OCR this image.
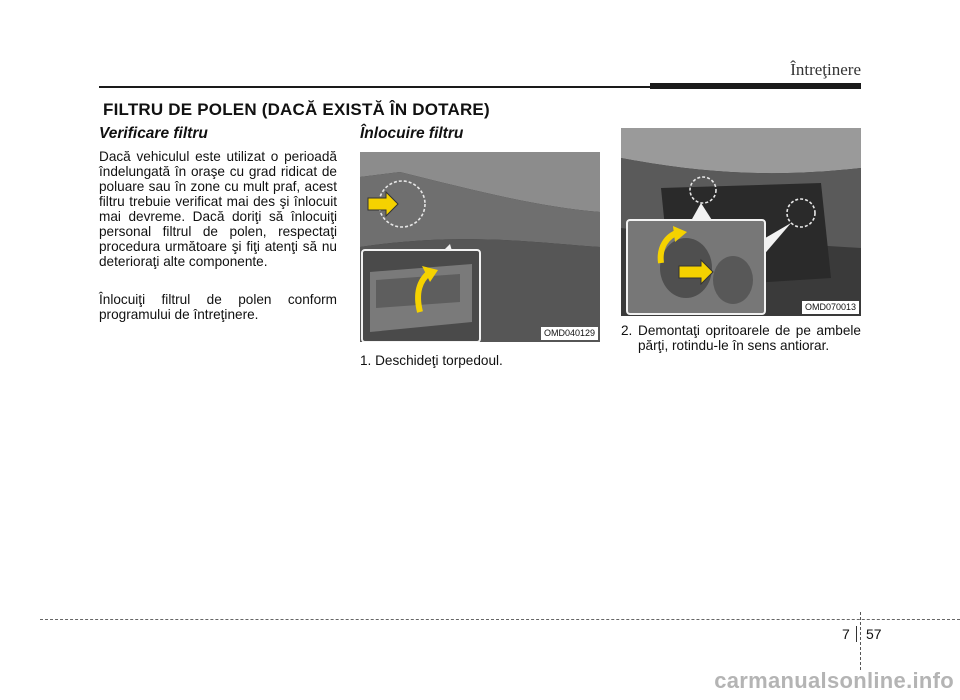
Întreţinere
FILTRU DE POLEN (DACĂ EXISTĂ ÎN DOTARE)
Verificare filtru
Dacă vehiculul este utilizat o perioadă îndelungată în oraşe cu grad ridicat de poluare sau în zone cu mult praf, acest filtru trebuie verificat mai des şi înlocuit mai devreme. Dacă doriţi să înlocuiţi personal filtrul de polen, respectaţi procedura următoare şi fiţi atenţi să nu deterioraţi alte componente.
Înlocuiţi filtrul de polen conform programului de întreţinere.
Înlocuire filtru
OMD040129
1. Deschideţi torpedoul.
OMD070013
2. Demontaţi opritoarele de pe ambele părţi, rotindu-le în sens antiorar.
7 57
carmanualsonline.info
